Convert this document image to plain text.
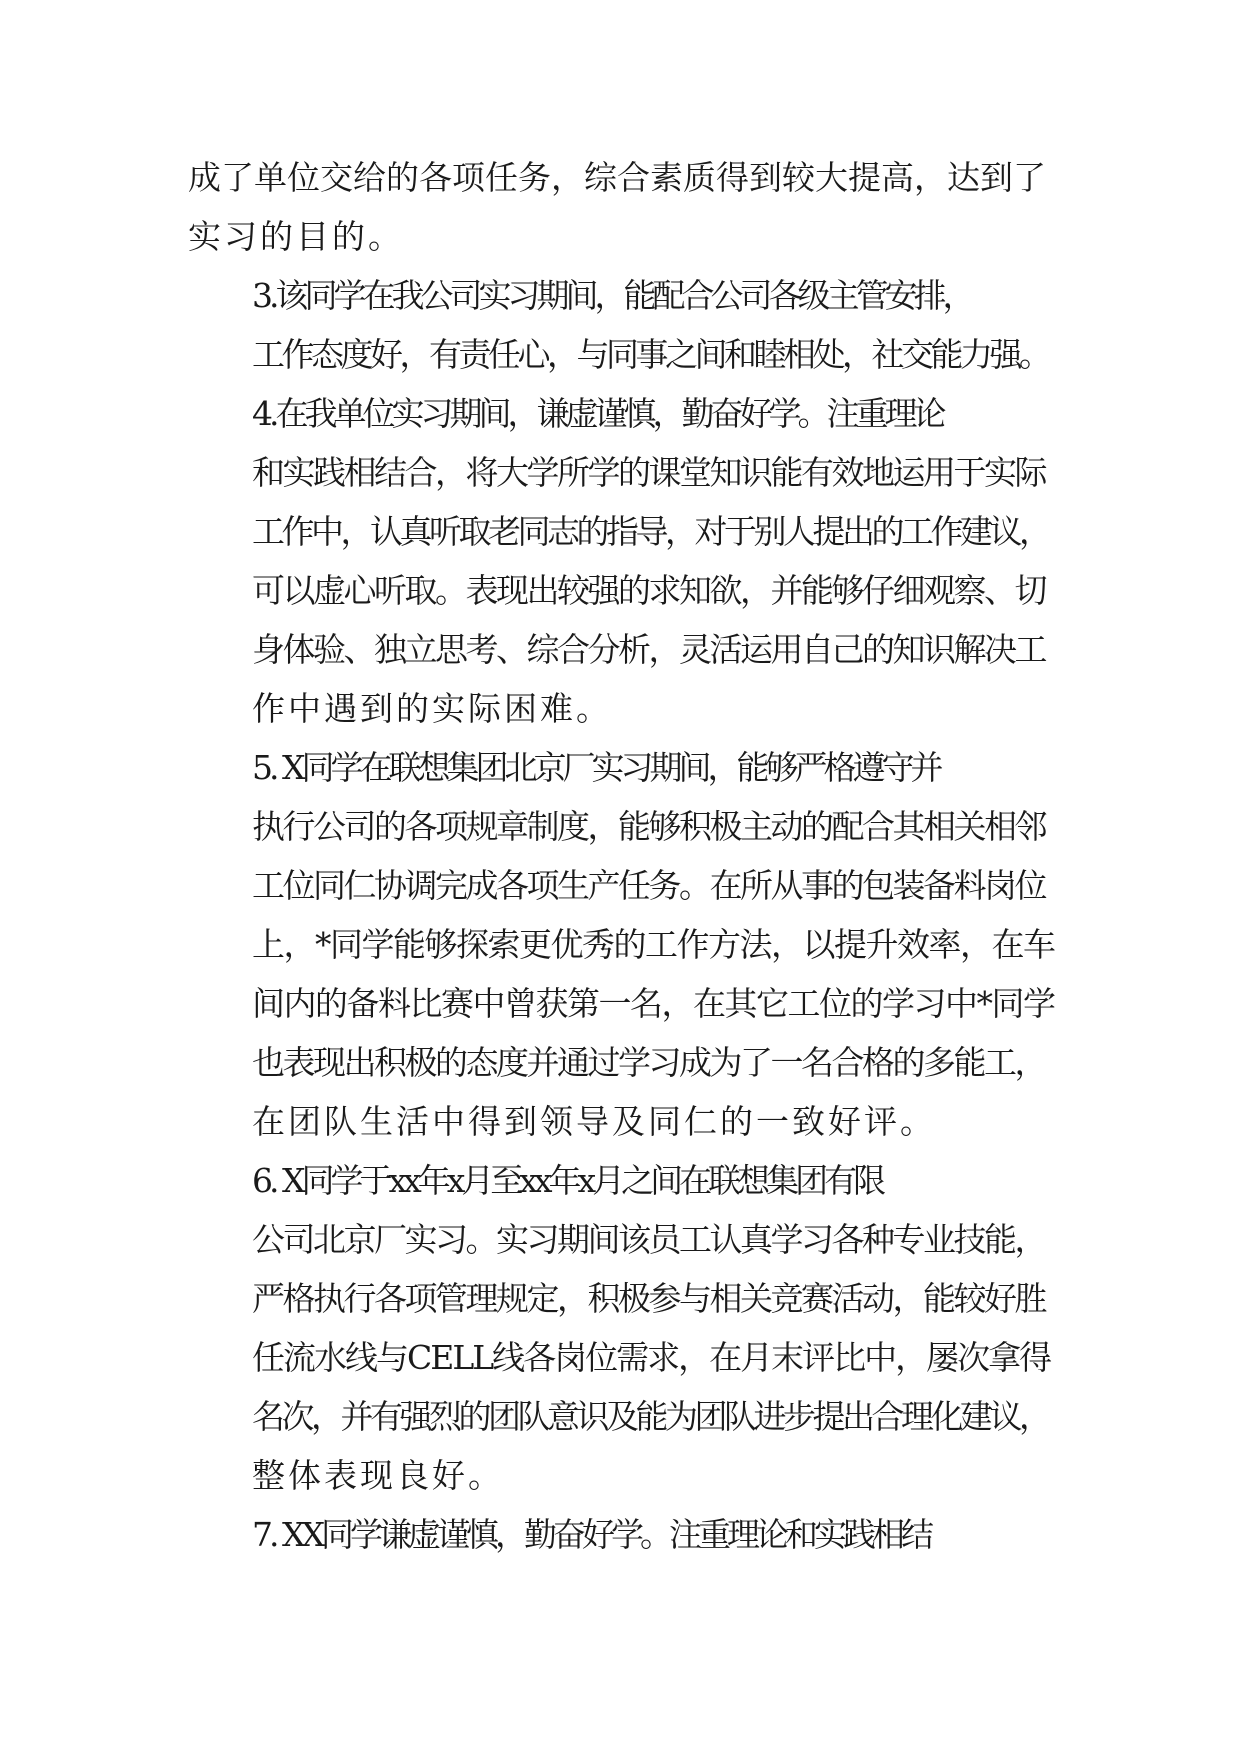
成了单位交给的各项任务，综合素质得到较大提高，达到了
实习的目的。

3.该同学在我公司实习期间，能配合公司各级主管安排，
工作态度好，有责任心，与同事之间和睦相处，社交能力强。

4.在我单位实习期间，谦虚谨慎，勤奋好学。注重理论
和实践相结合，将大学所学的课堂知识能有效地运用于实际
工作中，认真听取老同志的指导，对于别人提出的工作建议，
可以虚心听取。表现出较强的求知欲，并能够仔细观察、切
身体验、独立思考、综合分析，灵活运用自己的知识解决工
作中遇到的实际困难。

5. X同学在联想集团北京厂实习期间，能够严格遵守并
执行公司的各项规章制度，能够积极主动的配合其相关相邻
工位同仁协调完成各项生产任务。在所从事的包装备料岗位
上，*同学能够探索更优秀的工作方法，以提升效率，在车
间内的备料比赛中曾获第一名，在其它工位的学习中*同学
也表现出积极的态度并通过学习成为了一名合格的多能工，
在团队生活中得到领导及同仁的一致好评。

6. X同学于xx年x月至xx年x月之间在联想集团有限
公司北京厂实习。实习期间该员工认真学习各种专业技能，
严格执行各项管理规定，积极参与相关竞赛活动，能较好胜
任流水线与CELL线各岗位需求，在月末评比中，屡次拿得
名次，并有强烈的团队意识及能为团队进步提出合理化建议，
整体表现良好。

7. XX同学谦虚谨慎，勤奋好学。注重理论和实践相结
